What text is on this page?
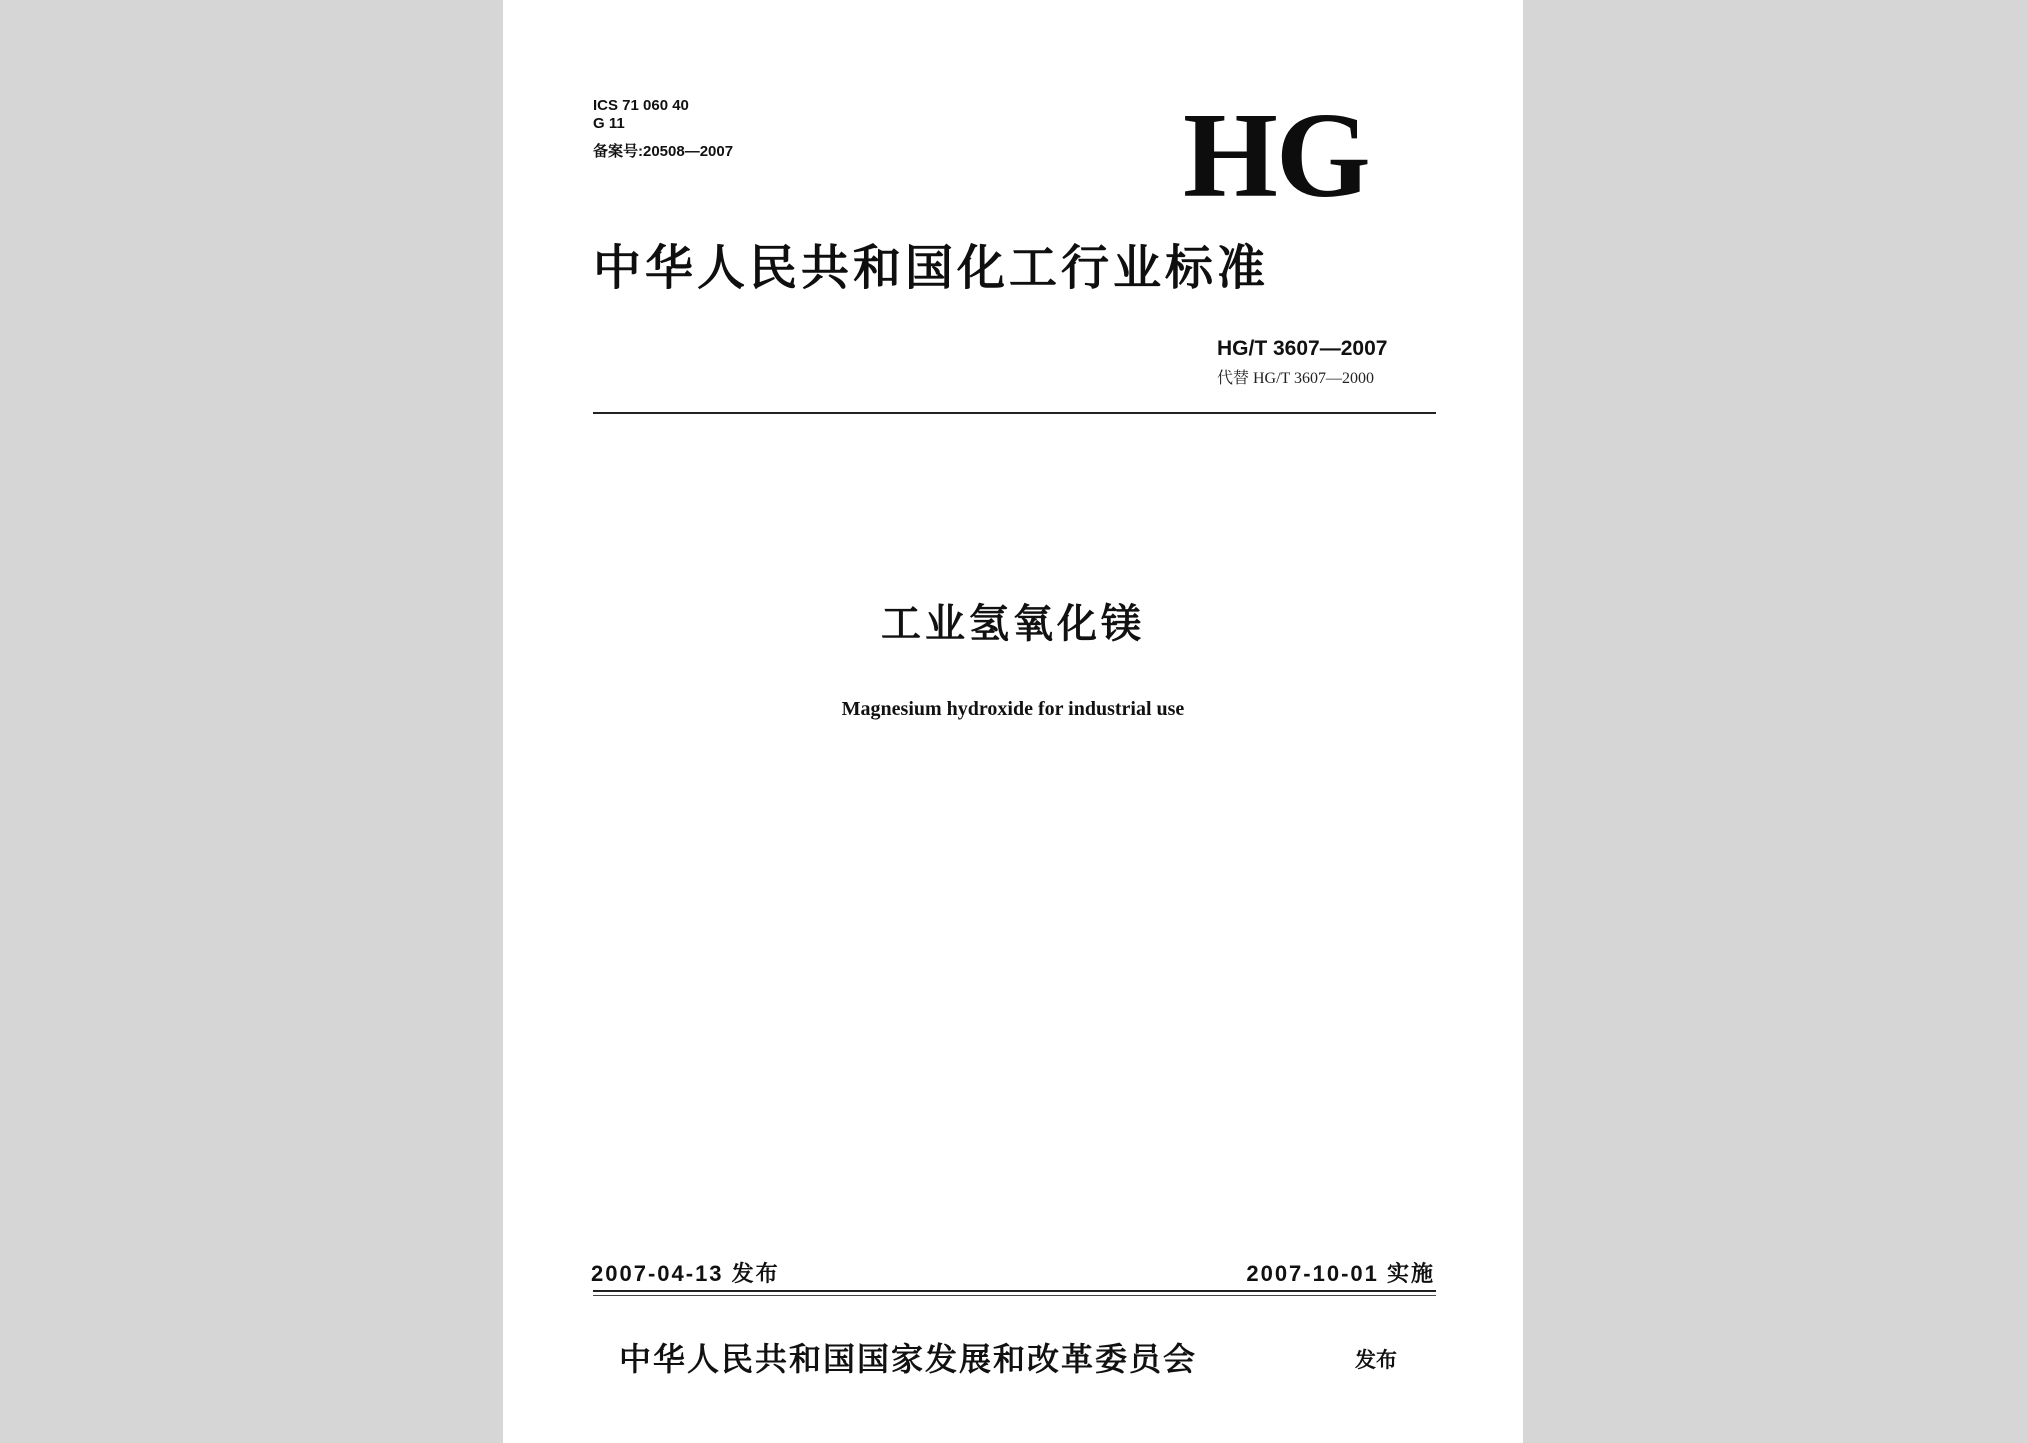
ICS 71 060 40
G 11
备案号:20508—2007	HG
中华人民共和国化工行业标准
HG/T 3607—2007
代替 HG/T 3607—2000
工业氢氧化镁
Magnesium hydroxide for industrial use
2007-04-13 发布	2007-10-01 实施
中华人民共和国国家发展和改革委员会	发布
